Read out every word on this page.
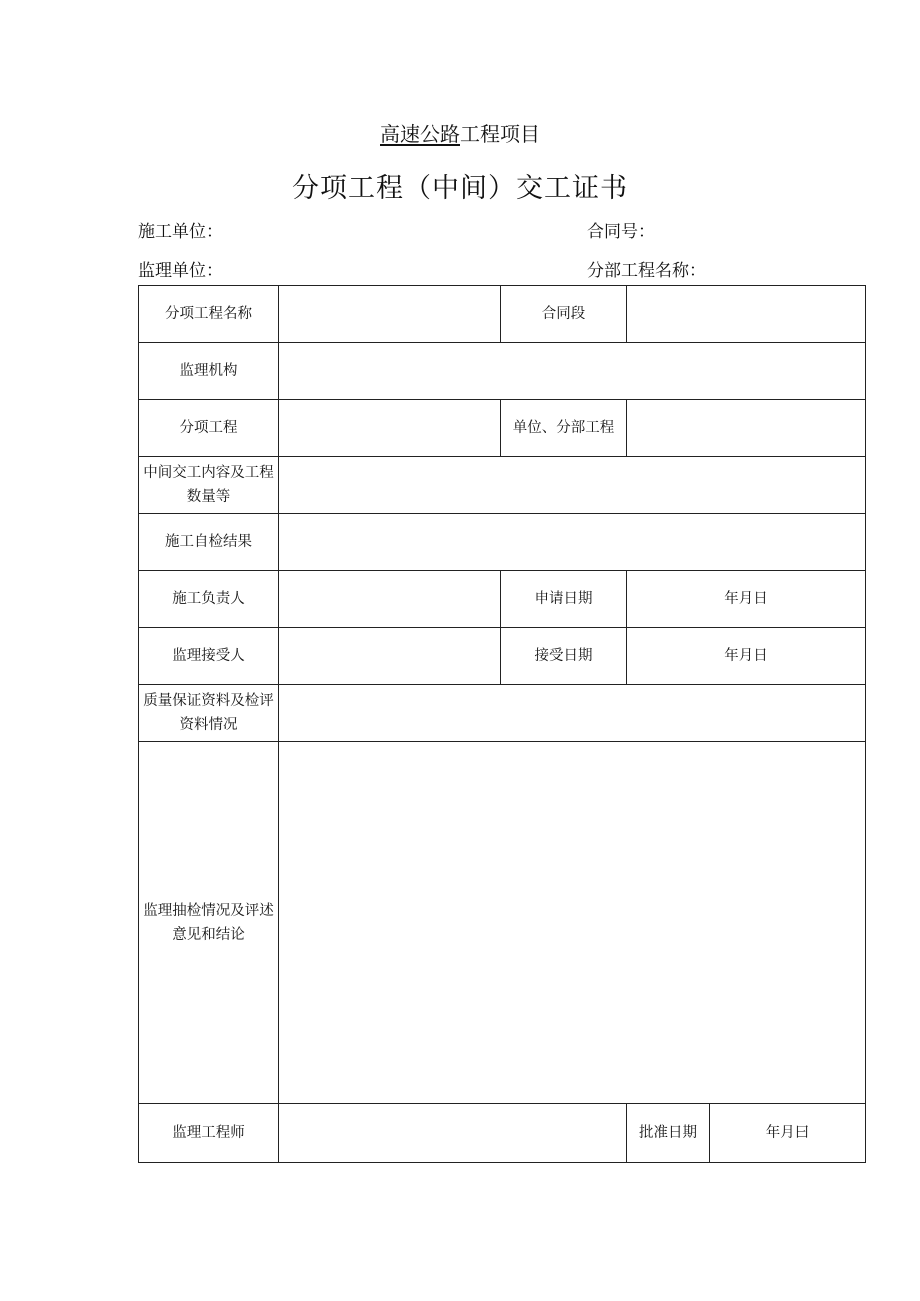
高速公路工程项目
分项工程（中间）交工证书
施工单位：	合同号：
监理单位：	分部工程名称：
分项工程名称		合同段		
监理机构				
分项工程		单位、分部工程		
中间交工内容及工程数量等				
施工自检结果				
施工负责人		申请日期	年月日	
监理接受人		接受日期	年月日	
质量保证资料及检评资料情况				
监理抽检情况及评述意见和结论				
监理工程师			批准日期	年月曰
